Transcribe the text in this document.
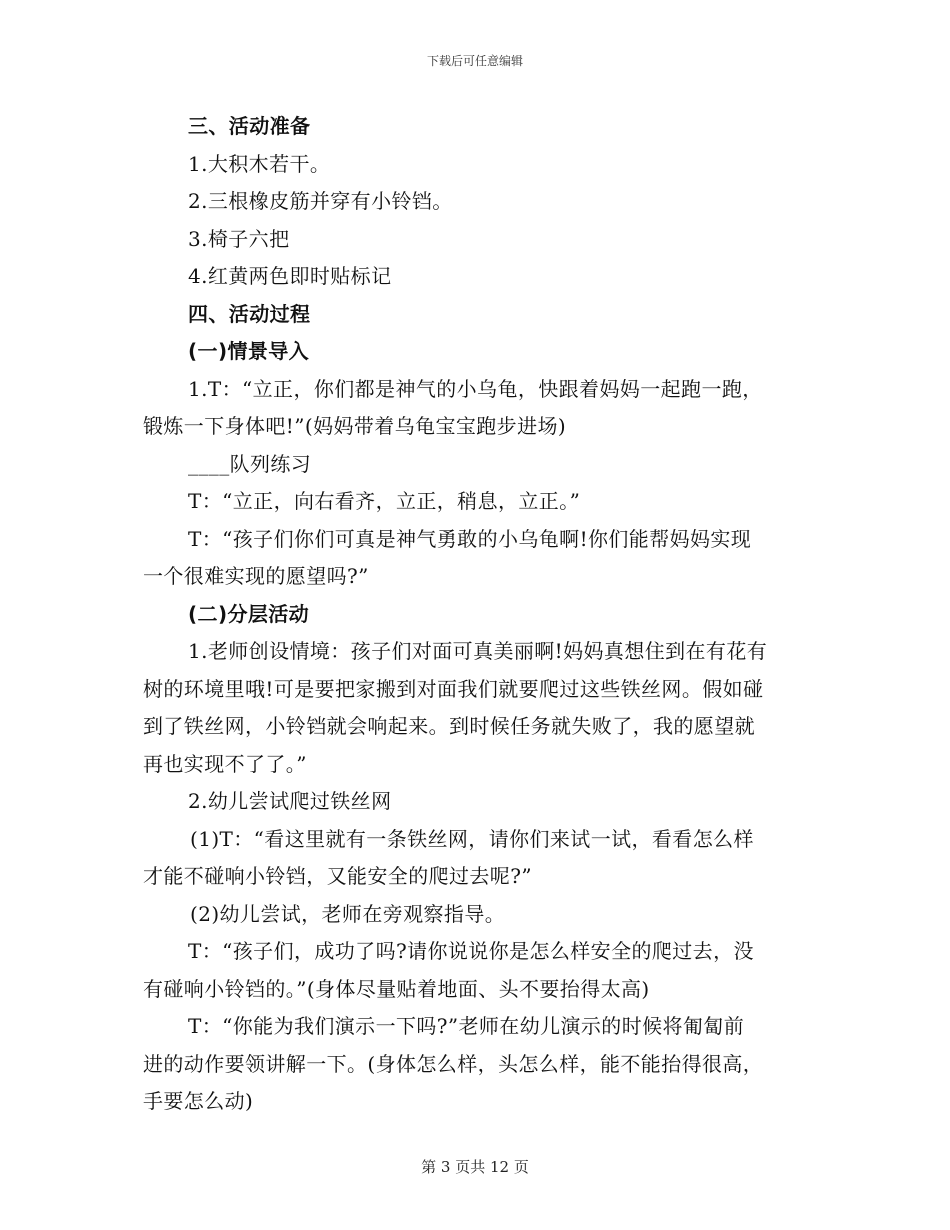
下载后可任意编辑
三、活动准备
1.大积木若干。
2.三根橡皮筋并穿有小铃铛。
3.椅子六把
4.红黄两色即时贴标记
四、活动过程
(一)情景导入
1.T：“立正，你们都是神气的小乌龟，快跟着妈妈一起跑一跑，
锻炼一下身体吧!”(妈妈带着乌龟宝宝跑步进场)
____队列练习
T：“立正，向右看齐，立正，稍息，立正。”
T：“孩子们你们可真是神气勇敢的小乌龟啊!你们能帮妈妈实现
一个很难实现的愿望吗?”
(二)分层活动
1.老师创设情境：孩子们对面可真美丽啊!妈妈真想住到在有花有
树的环境里哦!可是要把家搬到对面我们就要爬过这些铁丝网。假如碰
到了铁丝网，小铃铛就会响起来。到时候任务就失败了，我的愿望就
再也实现不了了。”
2.幼儿尝试爬过铁丝网
(1)T：“看这里就有一条铁丝网，请你们来试一试，看看怎么样
才能不碰响小铃铛，又能安全的爬过去呢?”
(2)幼儿尝试，老师在旁观察指导。
T：“孩子们，成功了吗?请你说说你是怎么样安全的爬过去，没
有碰响小铃铛的。”(身体尽量贴着地面、头不要抬得太高)
T：“你能为我们演示一下吗?”老师在幼儿演示的时候将匍匐前
进的动作要领讲解一下。(身体怎么样，头怎么样，能不能抬得很高，
手要怎么动)
第 3 页共 12 页
